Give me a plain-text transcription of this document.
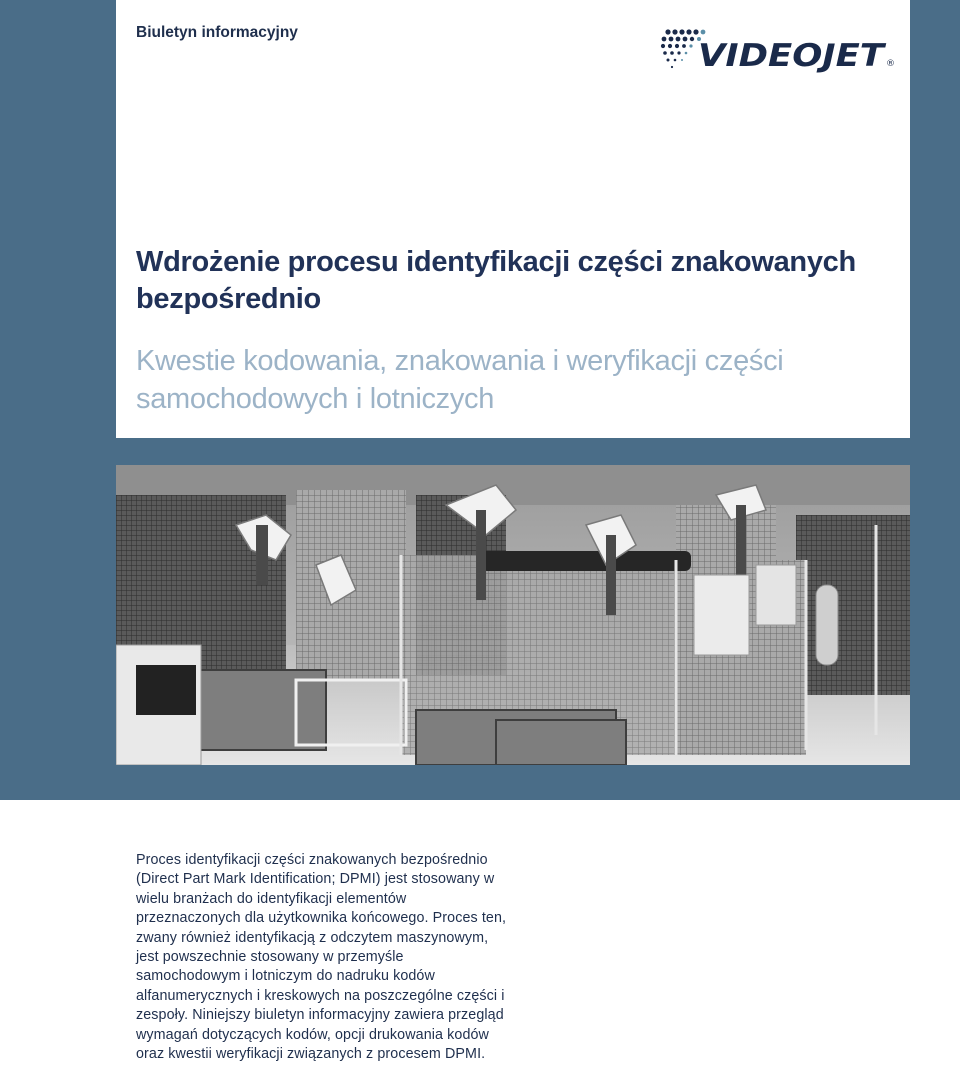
Biuletyn informacyjny
VIDEOJET
®
Wdrożenie procesu identyfikacji części znakowanych bezpośrednio
Kwestie kodowania, znakowania i weryfikacji części samochodowych i lotniczych

Proces identyfikacji części znakowanych bezpośrednio (Direct Part Mark Identification; DPMI) jest stosowany w wielu branżach do identyfikacji elementów przeznaczonych dla użytkownika końcowego. Proces ten, zwany również identyfikacją z odczytem maszynowym, jest powszechnie stosowany w przemyśle samochodowym i lotniczym do nadruku kodów alfanumerycznych i kreskowych na poszczególne części i zespoły. Niniejszy biuletyn informacyjny zawiera przegląd wymagań dotyczących kodów, opcji drukowania kodów oraz kwestii weryfikacji związanych z procesem DPMI.
